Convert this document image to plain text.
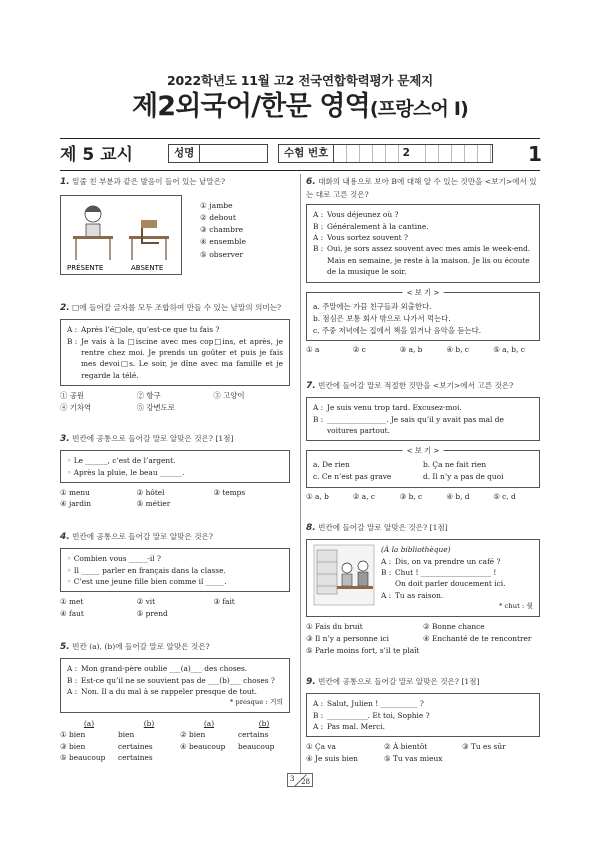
2022학년도 11월 고2 전국연합학력평가 문제지
제2외국어/한문 영역(프랑스어 Ⅰ)
제 5 교시	성명	수험 번호	2	1
1. 밑줄 친 부분과 같은 발음이 들어 있는 낱말은?
PRÉSENTE	ABSENTE
① jambe
② debout
③ chambre
④ ensemble
⑤ observer
2. □에 들어갈 글자를 모두 조합하여 만들 수 있는 낱말의 의미는?
A : Après l’é□ole, qu’est-ce que tu fais ?
B : Je vais à la □iscine avec mes cop□ins, et après, je rentre chez moi. Je prends un goûter et puis je fais mes devoi□s. Le soir, je dîne avec ma famille et je regarde la télé.
① 공원	② 항구	③ 고양이
④ 기차역	⑤ 강변도로
3. 빈칸에 공통으로 들어갈 말로 알맞은 것은? [1점]
◦ Le ______, c’est de l’argent.
◦ Après la pluie, le beau ______.
① menu	② hôtel	③ temps
④ jardin	⑤ métier
4. 빈칸에 공통으로 들어갈 말로 알맞은 것은?
◦ Combien vous _____-il ?
◦ Il _____ parler en français dans la classe.
◦ C’est une jeune fille bien comme il _____.
① met	② vit	③ fait
④ faut	⑤ prend
5. 빈칸 (a), (b)에 들어갈 말로 알맞은 것은?
A : Mon grand-père oublie ___(a)___ des choses.
B : Est-ce qu’il ne se souvient pas de ___(b)___ choses ?
A : Non. Il a du mal à se rappeler presque de tout.
* presque : 거의
(a)	(b)	(a)	(b)
① bien	bien	② bien	certains
③ bien	certaines	④ beaucoup	beaucoup
⑤ beaucoup	certaines
6. 대화의 내용으로 보아 B에 대해 알 수 있는 것만을 <보기>에서 있는 대로 고른 것은?
A : Vous déjeunez où ?
B : Généralement à la cantine.
A : Vous sortez souvent ?
B : Oui, je sors assez souvent avec mes amis le week-end. Mais en semaine, je reste à la maison. Je lis ou écoute de la musique le soir.
< 보 기 >
a. 주말에는 가끔 친구들과 외출한다.
b. 점심은 보통 회사 밖으로 나가서 먹는다.
c. 주중 저녁에는 집에서 책을 읽거나 음악을 듣는다.
① a	② c	③ a, b	④ b, c	⑤ a, b, c
7. 빈칸에 들어갈 말로 적절한 것만을 <보기>에서 고른 것은?
A : Je suis venu trop tard. Excusez-moi.
B : ________________. Je sais qu’il y avait pas mal de voitures partout.
< 보 기 >
a. De rien	b. Ça ne fait rien
c. Ce n’est pas grave	d. Il n’y a pas de quoi
① a, b	② a, c	③ b, c	④ b, d	⑤ c, d
8. 빈칸에 들어갈 말로 알맞은 것은? [1점]
(À la bibliothèque)
A : Dis, on va prendre un café ?
B : Chut ! ___________________ !
On doit parler doucement ici.
A : Tu as raison.
* chut : 쉿
① Fais du bruit	② Bonne chance
③ Il n’y a personne ici	④ Enchanté de te rencontrer
⑤ Parle moins fort, s’il te plaît
9. 빈칸에 공통으로 들어갈 말로 알맞은 것은? [1점]
A : Salut, Julien ! __________ ?
B : ___________. Et toi, Sophie ?
A : Pas mal. Merci.
① Ça va	② À bientôt	③ Tu es sûr
④ Je suis bien	⑤ Tu vas mieux
3 28
